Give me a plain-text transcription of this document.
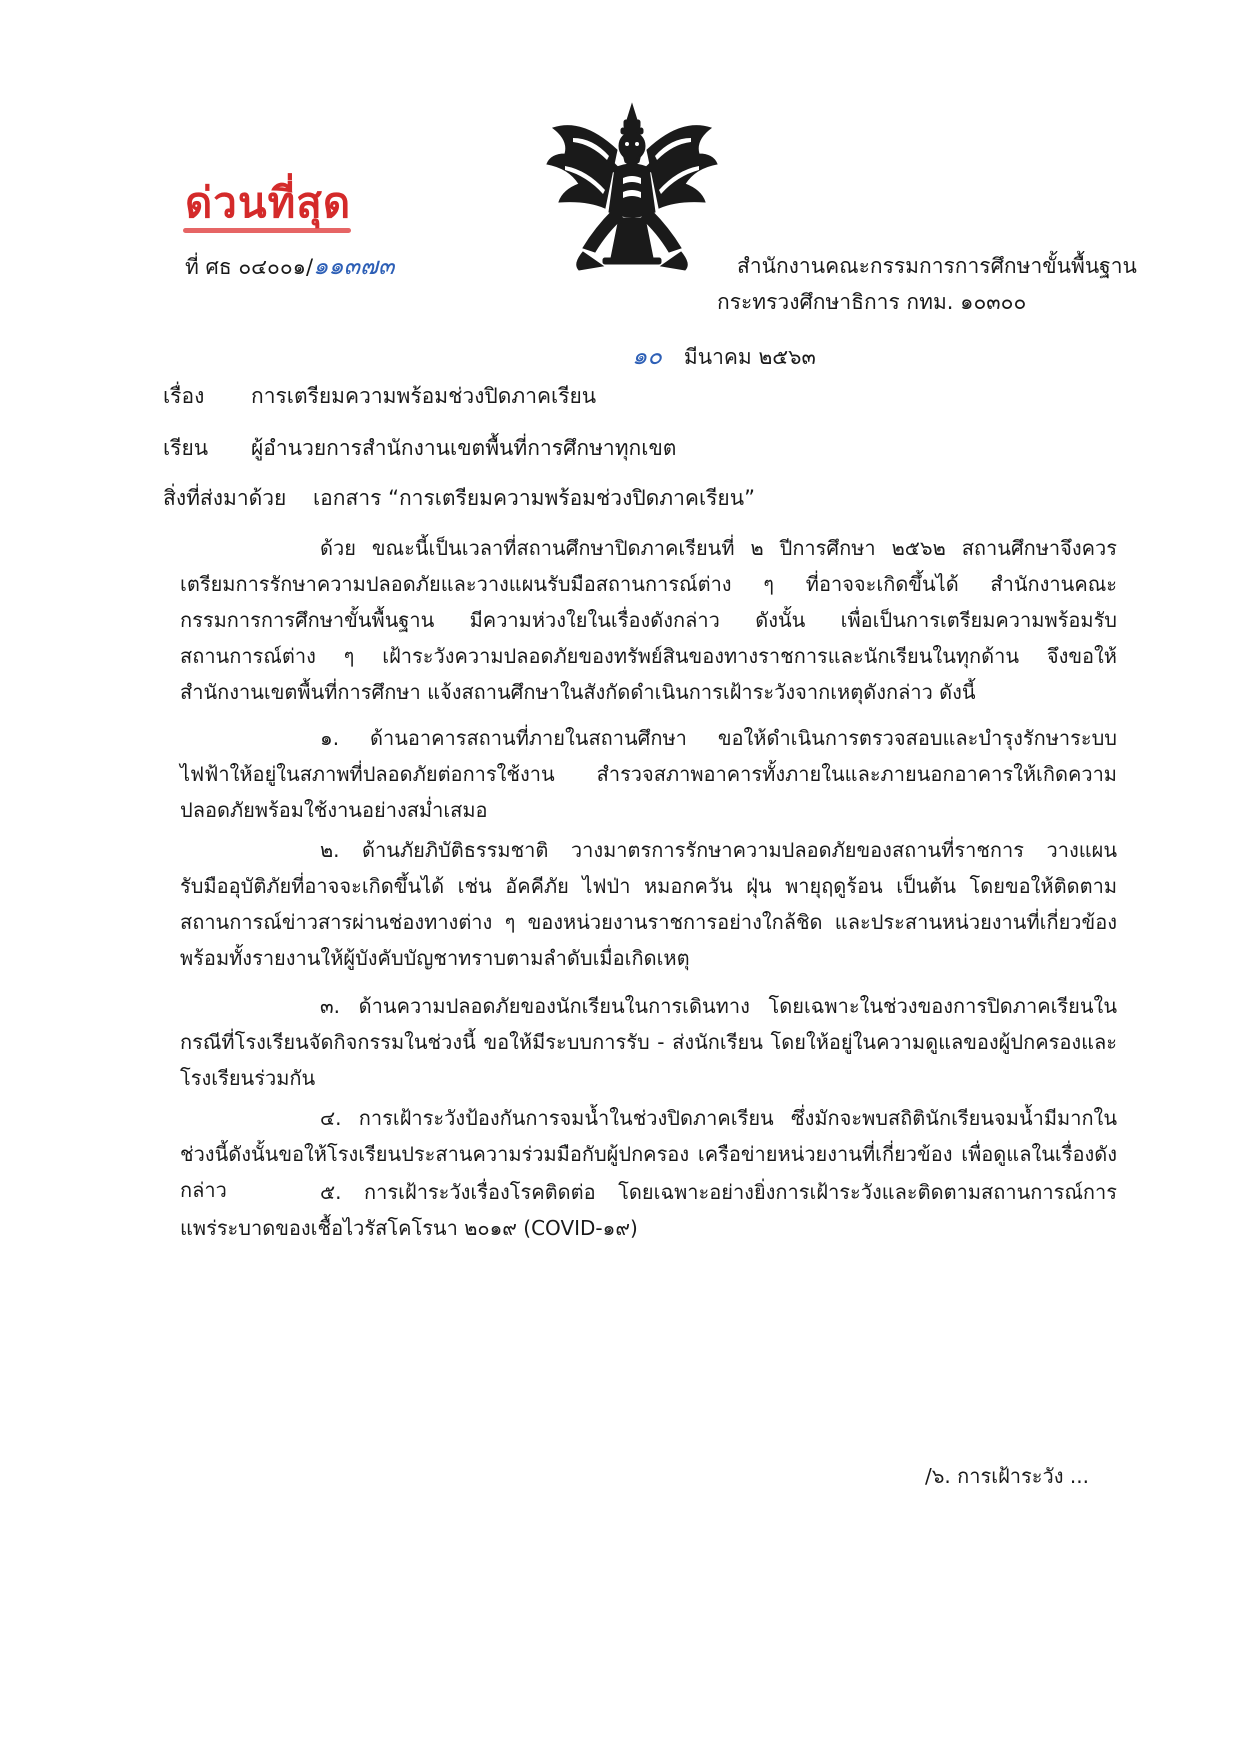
ด่วนที่สุด
ที่ ศธ ๐๔๐๐๑/๑๑๓๗๓	สำนักงานคณะกรรมการการศึกษาขั้นพื้นฐาน
กระทรวงศึกษาธิการ กทม. ๑๐๓๐๐
๑๐ มีนาคม ๒๕๖๓
เรื่อง การเตรียมความพร้อมช่วงปิดภาคเรียน
เรียน ผู้อำนวยการสำนักงานเขตพื้นที่การศึกษาทุกเขต
สิ่งที่ส่งมาด้วย เอกสาร “การเตรียมความพร้อมช่วงปิดภาคเรียน”

ด้วย ขณะนี้เป็นเวลาที่สถานศึกษาปิดภาคเรียนที่ ๒ ปีการศึกษา ๒๕๖๒ สถานศึกษาจึงควรเตรียมการรักษาความปลอดภัยและวางแผนรับมือสถานการณ์ต่าง ๆ ที่อาจจะเกิดขึ้นได้ สำนักงานคณะกรรมการการศึกษาขั้นพื้นฐาน มีความห่วงใยในเรื่องดังกล่าว ดังนั้น เพื่อเป็นการเตรียมความพร้อมรับสถานการณ์ต่าง ๆ เฝ้าระวังความปลอดภัยของทรัพย์สินของทางราชการและนักเรียนในทุกด้าน จึงขอให้สำนักงานเขตพื้นที่การศึกษา แจ้งสถานศึกษาในสังกัดดำเนินการเฝ้าระวังจากเหตุดังกล่าว ดังนี้

๑. ด้านอาคารสถานที่ภายในสถานศึกษา ขอให้ดำเนินการตรวจสอบและบำรุงรักษาระบบไฟฟ้าให้อยู่ในสภาพที่ปลอดภัยต่อการใช้งาน สำรวจสภาพอาคารทั้งภายในและภายนอกอาคารให้เกิดความปลอดภัยพร้อมใช้งานอย่างสม่ำเสมอ

๒. ด้านภัยภิบัติธรรมชาติ วางมาตรการรักษาความปลอดภัยของสถานที่ราชการ วางแผนรับมืออุบัติภัยที่อาจจะเกิดขึ้นได้ เช่น อัคคีภัย ไฟป่า หมอกควัน ฝุ่น พายุฤดูร้อน เป็นต้น โดยขอให้ติดตามสถานการณ์ข่าวสารผ่านช่องทางต่าง ๆ ของหน่วยงานราชการอย่างใกล้ชิด และประสานหน่วยงานที่เกี่ยวข้อง พร้อมทั้งรายงานให้ผู้บังคับบัญชาทราบตามลำดับเมื่อเกิดเหตุ

๓. ด้านความปลอดภัยของนักเรียนในการเดินทาง โดยเฉพาะในช่วงของการปิดภาคเรียนในกรณีที่โรงเรียนจัดกิจกรรมในช่วงนี้ ขอให้มีระบบการรับ - ส่งนักเรียน โดยให้อยู่ในความดูแลของผู้ปกครองและโรงเรียนร่วมกัน

๔. การเฝ้าระวังป้องกันการจมน้ำในช่วงปิดภาคเรียน ซึ่งมักจะพบสถิตินักเรียนจมน้ำมีมากในช่วงนี้ดังนั้นขอให้โรงเรียนประสานความร่วมมือกับผู้ปกครอง เครือข่ายหน่วยงานที่เกี่ยวข้อง เพื่อดูแลในเรื่องดังกล่าว	๕. การเฝ้าระวังเรื่องโรคติดต่อ โดยเฉพาะอย่างยิ่งการเฝ้าระวังและติดตามสถานการณ์การแพร่ระบาดของเชื้อไวรัสโคโรนา ๒๐๑๙ (COVID-๑๙)

/๖. การเฝ้าระวัง ...
